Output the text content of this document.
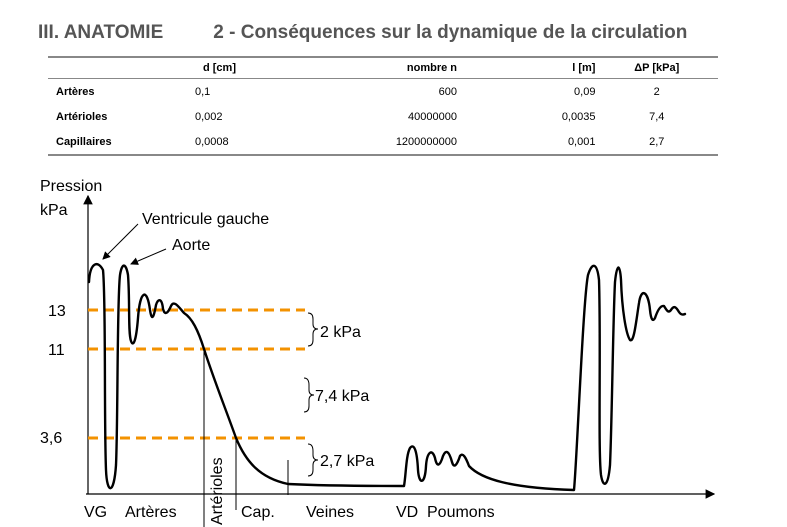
III. ANATOMIE	2 - Conséquences sur la dynamique de la circulation
	d [cm]	nombre n	l [m]	ΔP [kPa]
Artères	0,1	600	0,09	2
Artérioles	0,002	40000000	0,0035	7,4
Capillaires	0,0008	1200000000	0,001	2,7
Pression
kPa
13
11
3,6
2 kPa
7,4 kPa
2,7 kPa
Ventricule gauche
Aorte
VG Artères Artérioles Cap. Veines	VD Poumons
